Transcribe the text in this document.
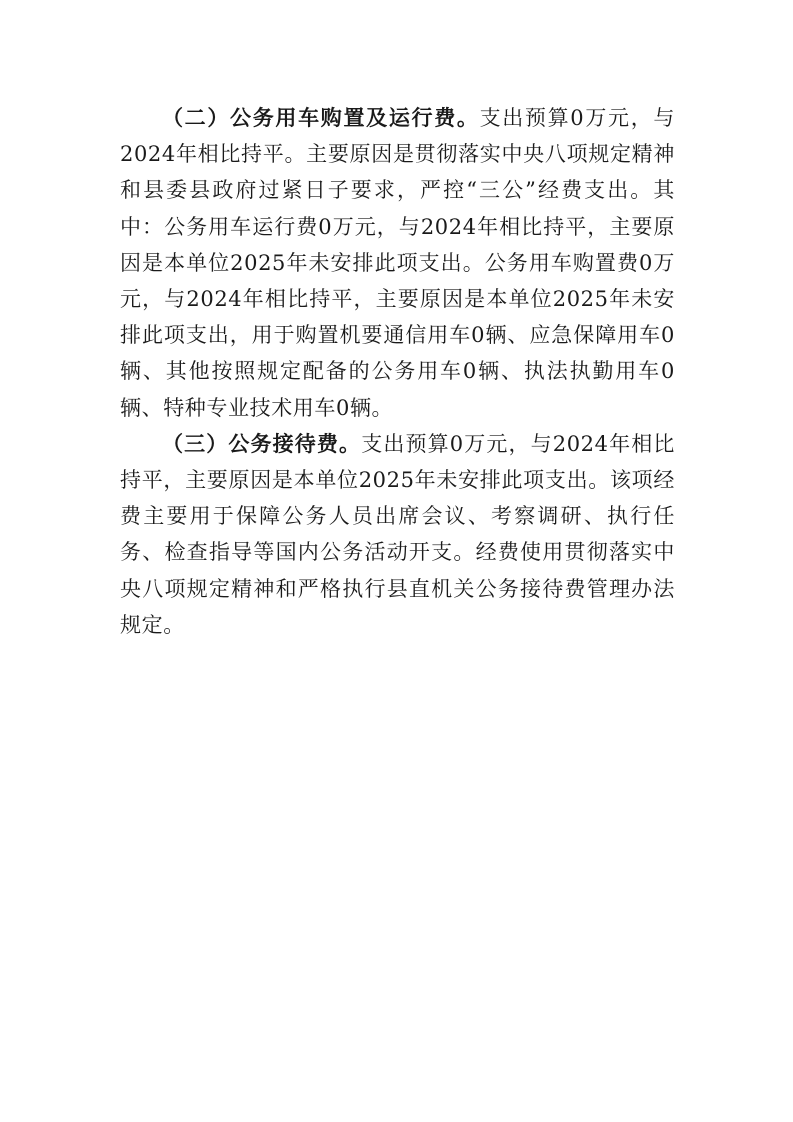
（二）公务用车购置及运行费。支出预算0万元，与2024年相比持平。主要原因是贯彻落实中央八项规定精神和县委县政府过紧日子要求，严控“三公”经费支出。其中：公务用车运行费0万元，与2024年相比持平，主要原因是本单位2025年未安排此项支出。公务用车购置费0万元，与2024年相比持平，主要原因是本单位2025年未安排此项支出，用于购置机要通信用车0辆、应急保障用车0辆、其他按照规定配备的公务用车0辆、执法执勤用车0辆、特种专业技术用车0辆。

（三）公务接待费。支出预算0万元，与2024年相比持平，主要原因是本单位2025年未安排此项支出。该项经费主要用于保障公务人员出席会议、考察调研、执行任务、检查指导等国内公务活动开支。经费使用贯彻落实中央八项规定精神和严格执行县直机关公务接待费管理办法规定。
